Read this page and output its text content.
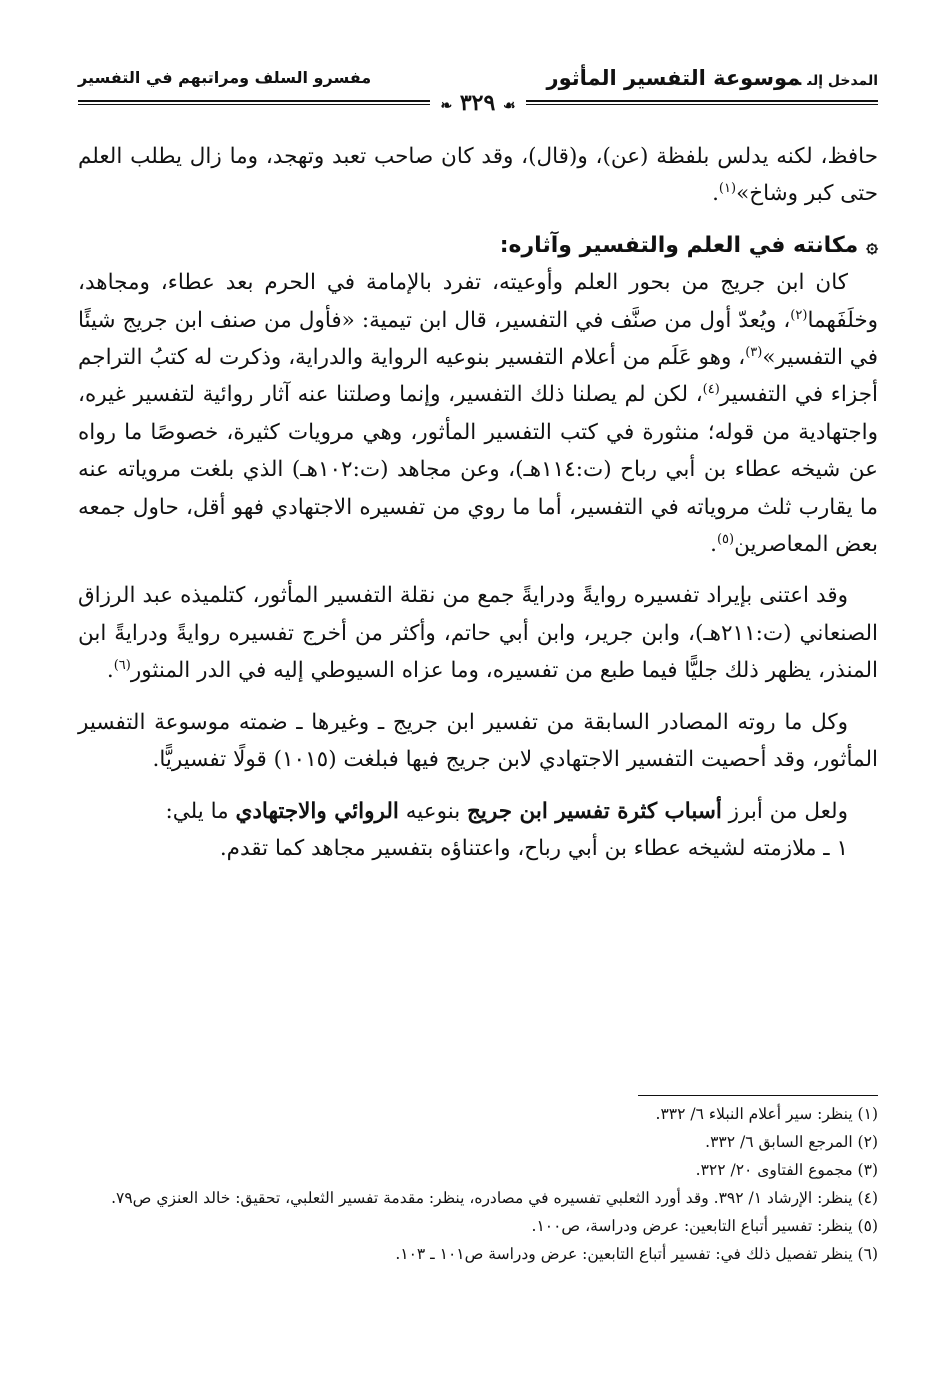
المدخل إلىموسوعة التفسير المأثور
مفسرو السلف ومراتبهم في التفسير
❧ ٣٢٩ ☙

حافظ، لكنه يدلس بلفظة (عن)، و(قال)، وقد كان صاحب تعبد وتهجد، وما زال يطلب العلم حتى كبر وشاخ»$^{(١)}$.

۞مكانته في العلم والتفسير وآثاره:

كان ابن جريج من بحور العلم وأوعيته، تفرد بالإمامة في الحرم بعد عطاء، ومجاهد، وخلَفَهما$^{(٢)}$، ويُعدّ أول من صنَّف في التفسير، قال ابن تيمية: «فأول من صنف ابن جريج شيئًا في التفسير»$^{(٣)}$، وهو عَلَم من أعلام التفسير بنوعيه الرواية والدراية، وذكرت له كتبُ التراجم أجزاء في التفسير$^{(٤)}$، لكن لم يصلنا ذلك التفسير، وإنما وصلتنا عنه آثار روائية لتفسير غيره، واجتهادية من قوله؛ منثورة في كتب التفسير المأثور، وهي مرويات كثيرة، خصوصًا ما رواه عن شيخه عطاء بن أبي رباح (ت:١١٤هـ)، وعن مجاهد (ت:١٠٢هـ) الذي بلغت مروياته عنه ما يقارب ثلث مروياته في التفسير، أما ما روي من تفسيره الاجتهادي فهو أقل، حاول جمعه بعض المعاصرين$^{(٥)}$.

وقد اعتنى بإيراد تفسيره روايةً ودرايةً جمع من نقلة التفسير المأثور، كتلميذه عبد الرزاق الصنعاني (ت:٢١١هـ)، وابن جرير، وابن أبي حاتم، وأكثر من أخرج تفسيره روايةً ودرايةً ابن المنذر، يظهر ذلك جليًّا فيما طبع من تفسيره، وما عزاه السيوطي إليه في الدر المنثور$^{(٦)}$.

وكل ما روته المصادر السابقة من تفسير ابن جريج ـ وغيرها ـ ضمته موسوعة التفسير المأثور، وقد أحصيت التفسير الاجتهادي لابن جريج فيها فبلغت (١٠١٥) قولًا تفسيريًّا.

ولعل من أبرز أسباب كثرة تفسير ابن جريج بنوعيه الروائي والاجتهادي ما يلي:

١ ـ ملازمته لشيخه عطاء بن أبي رباح، واعتناؤه بتفسير مجاهد كما تقدم.

(١) ينظر: سير أعلام النبلاء ٦/ ٣٣٢.
(٢) المرجع السابق ٦/ ٣٣٢.
(٣) مجموع الفتاوى ٢٠/ ٣٢٢.
(٤) ينظر: الإرشاد ١/ ٣٩٢. وقد أورد الثعلبي تفسيره في مصادره، ينظر: مقدمة تفسير الثعلبي، تحقيق: خالد العنزي ص٧٩.
(٥) ينظر: تفسير أتباع التابعين: عرض ودراسة، ص١٠٠.
(٦) ينظر تفصيل ذلك في: تفسير أتباع التابعين: عرض ودراسة ص١٠١ ـ ١٠٣.
